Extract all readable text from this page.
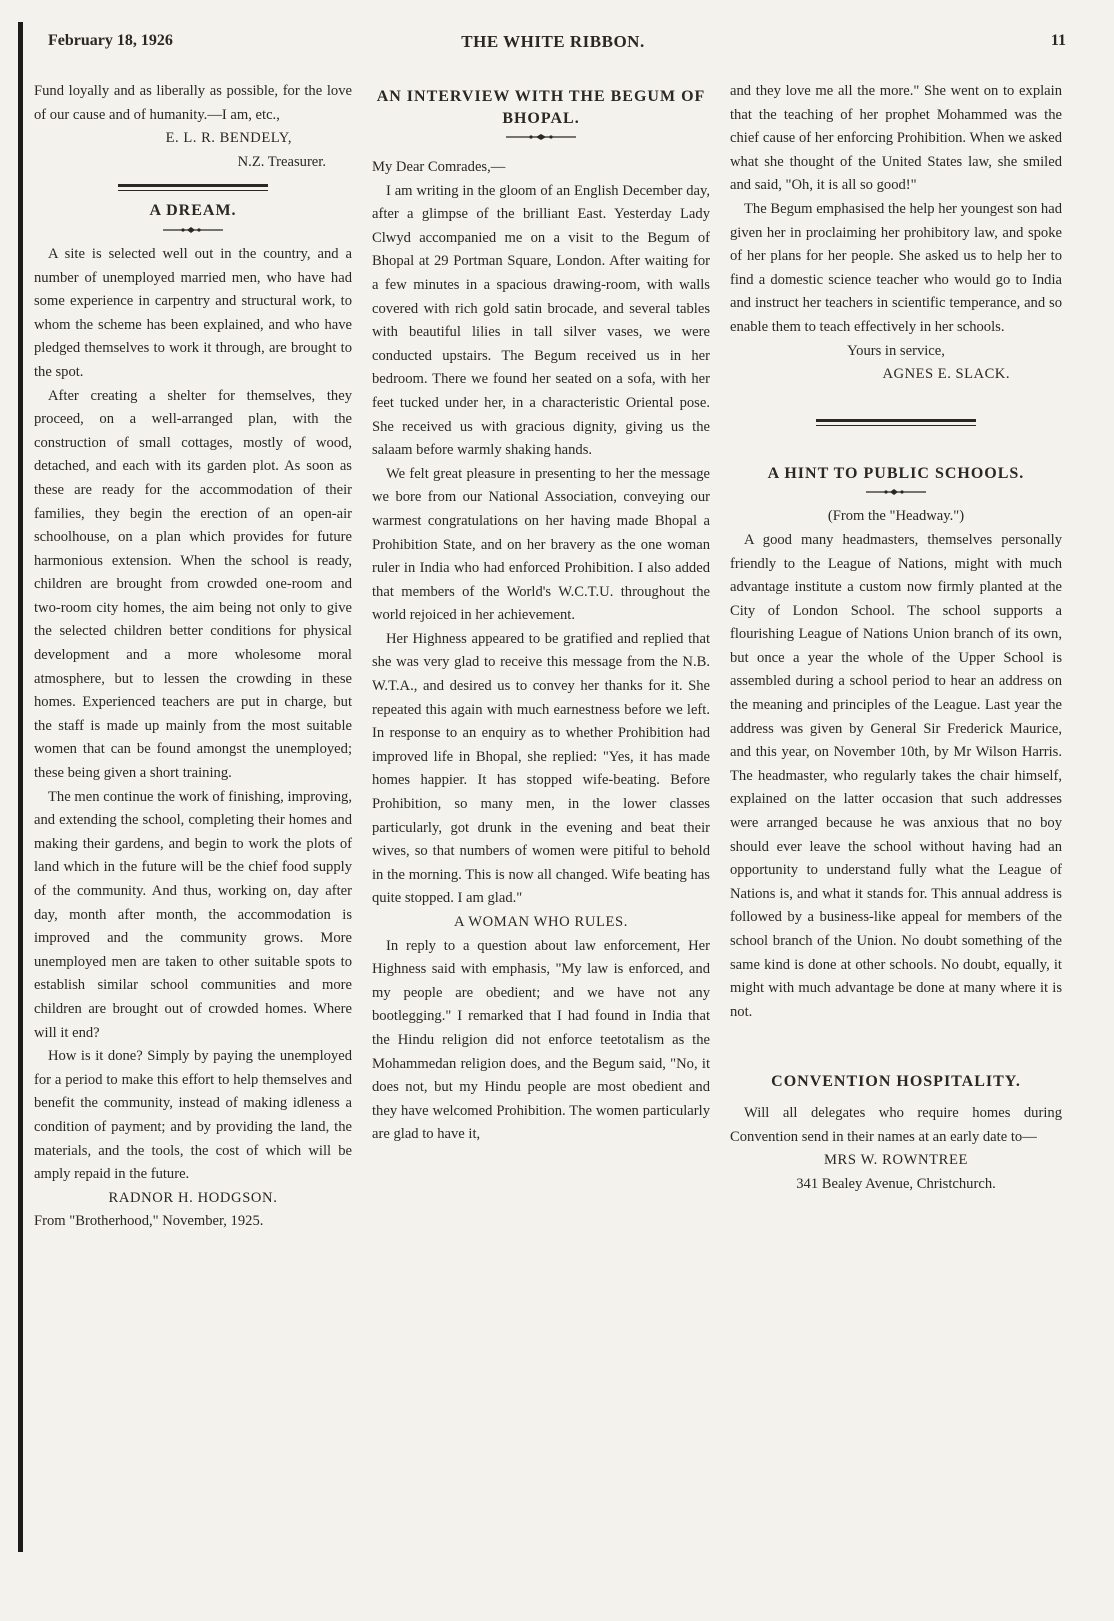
February 18, 1926	THE WHITE RIBBON.	11

Fund loyally and as liberally as possible, for the love of our cause and of humanity.—I am, etc.,

E. L. R. BENDELY,

N.Z. Treasurer.

A DREAM.

A site is selected well out in the country, and a number of unemployed married men, who have had some experience in carpentry and structural work, to whom the scheme has been explained, and who have pledged themselves to work it through, are brought to the spot.

After creating a shelter for themselves, they proceed, on a well-arranged plan, with the construction of small cottages, mostly of wood, detached, and each with its garden plot. As soon as these are ready for the accommodation of their families, they begin the erection of an open-air schoolhouse, on a plan which provides for future harmonious extension. When the school is ready, children are brought from crowded one-room and two-room city homes, the aim being not only to give the selected children better conditions for physical development and a more wholesome moral atmosphere, but to lessen the crowding in these homes. Experienced teachers are put in charge, but the staff is made up mainly from the most suitable women that can be found amongst the unemployed; these being given a short training.

The men continue the work of finishing, improving, and extending the school, completing their homes and making their gardens, and begin to work the plots of land which in the future will be the chief food supply of the community. And thus, working on, day after day, month after month, the accommodation is improved and the community grows. More unemployed men are taken to other suitable spots to establish similar school communities and more children are brought out of crowded homes. Where will it end?

How is it done? Simply by paying the unemployed for a period to make this effort to help themselves and benefit the community, instead of making idleness a condition of payment; and by providing the land, the materials, and the tools, the cost of which will be amply repaid in the future.

RADNOR H. HODGSON.

From "Brotherhood," November, 1925.

AN INTERVIEW WITH THE BEGUM OF BHOPAL.

My Dear Comrades,—

I am writing in the gloom of an English December day, after a glimpse of the brilliant East. Yesterday Lady Clwyd accompanied me on a visit to the Begum of Bhopal at 29 Portman Square, London. After waiting for a few minutes in a spacious drawing-room, with walls covered with rich gold satin brocade, and several tables with beautiful lilies in tall silver vases, we were conducted upstairs. The Begum received us in her bedroom. There we found her seated on a sofa, with her feet tucked under her, in a characteristic Oriental pose. She received us with gracious dignity, giving us the salaam before warmly shaking hands.

We felt great pleasure in presenting to her the message we bore from our National Association, conveying our warmest congratulations on her having made Bhopal a Prohibition State, and on her bravery as the one woman ruler in India who had enforced Prohibition. I also added that members of the World's W.C.T.U. throughout the world rejoiced in her achievement.

Her Highness appeared to be gratified and replied that she was very glad to receive this message from the N.B. W.T.A., and desired us to convey her thanks for it. She repeated this again with much earnestness before we left. In response to an enquiry as to whether Prohibition had improved life in Bhopal, she replied: "Yes, it has made homes happier. It has stopped wife-beating. Before Prohibition, so many men, in the lower classes particularly, got drunk in the evening and beat their wives, so that numbers of women were pitiful to behold in the morning. This is now all changed. Wife beating has quite stopped. I am glad."

A WOMAN WHO RULES.

In reply to a question about law enforcement, Her Highness said with emphasis, "My law is enforced, and my people are obedient; and we have not any bootlegging." I remarked that I had found in India that the Hindu religion did not enforce teetotalism as the Mohammedan religion does, and the Begum said, "No, it does not, but my Hindu people are most obedient and they have welcomed Prohibition. The women particularly are glad to have it,

and they love me all the more." She went on to explain that the teaching of her prophet Mohammed was the chief cause of her enforcing Prohibition. When we asked what she thought of the United States law, she smiled and said, "Oh, it is all so good!"

The Begum emphasised the help her youngest son had given her in proclaiming her prohibitory law, and spoke of her plans for her people. She asked us to help her to find a domestic science teacher who would go to India and instruct her teachers in scientific temperance, and so enable them to teach effectively in her schools.

Yours in service,

AGNES E. SLACK.

A HINT TO PUBLIC SCHOOLS.

(From the "Headway.")

A good many headmasters, themselves personally friendly to the League of Nations, might with much advantage institute a custom now firmly planted at the City of London School. The school supports a flourishing League of Nations Union branch of its own, but once a year the whole of the Upper School is assembled during a school period to hear an address on the meaning and principles of the League. Last year the address was given by General Sir Frederick Maurice, and this year, on November 10th, by Mr Wilson Harris. The headmaster, who regularly takes the chair himself, explained on the latter occasion that such addresses were arranged because he was anxious that no boy should ever leave the school without having had an opportunity to understand fully what the League of Nations is, and what it stands for. This annual address is followed by a business-like appeal for members of the school branch of the Union. No doubt something of the same kind is done at other schools. No doubt, equally, it might with much advantage be done at many where it is not.

CONVENTION HOSPITALITY.

Will all delegates who require homes during Convention send in their names at an early date to—

MRS W. ROWNTREE

341 Bealey Avenue, Christchurch.
